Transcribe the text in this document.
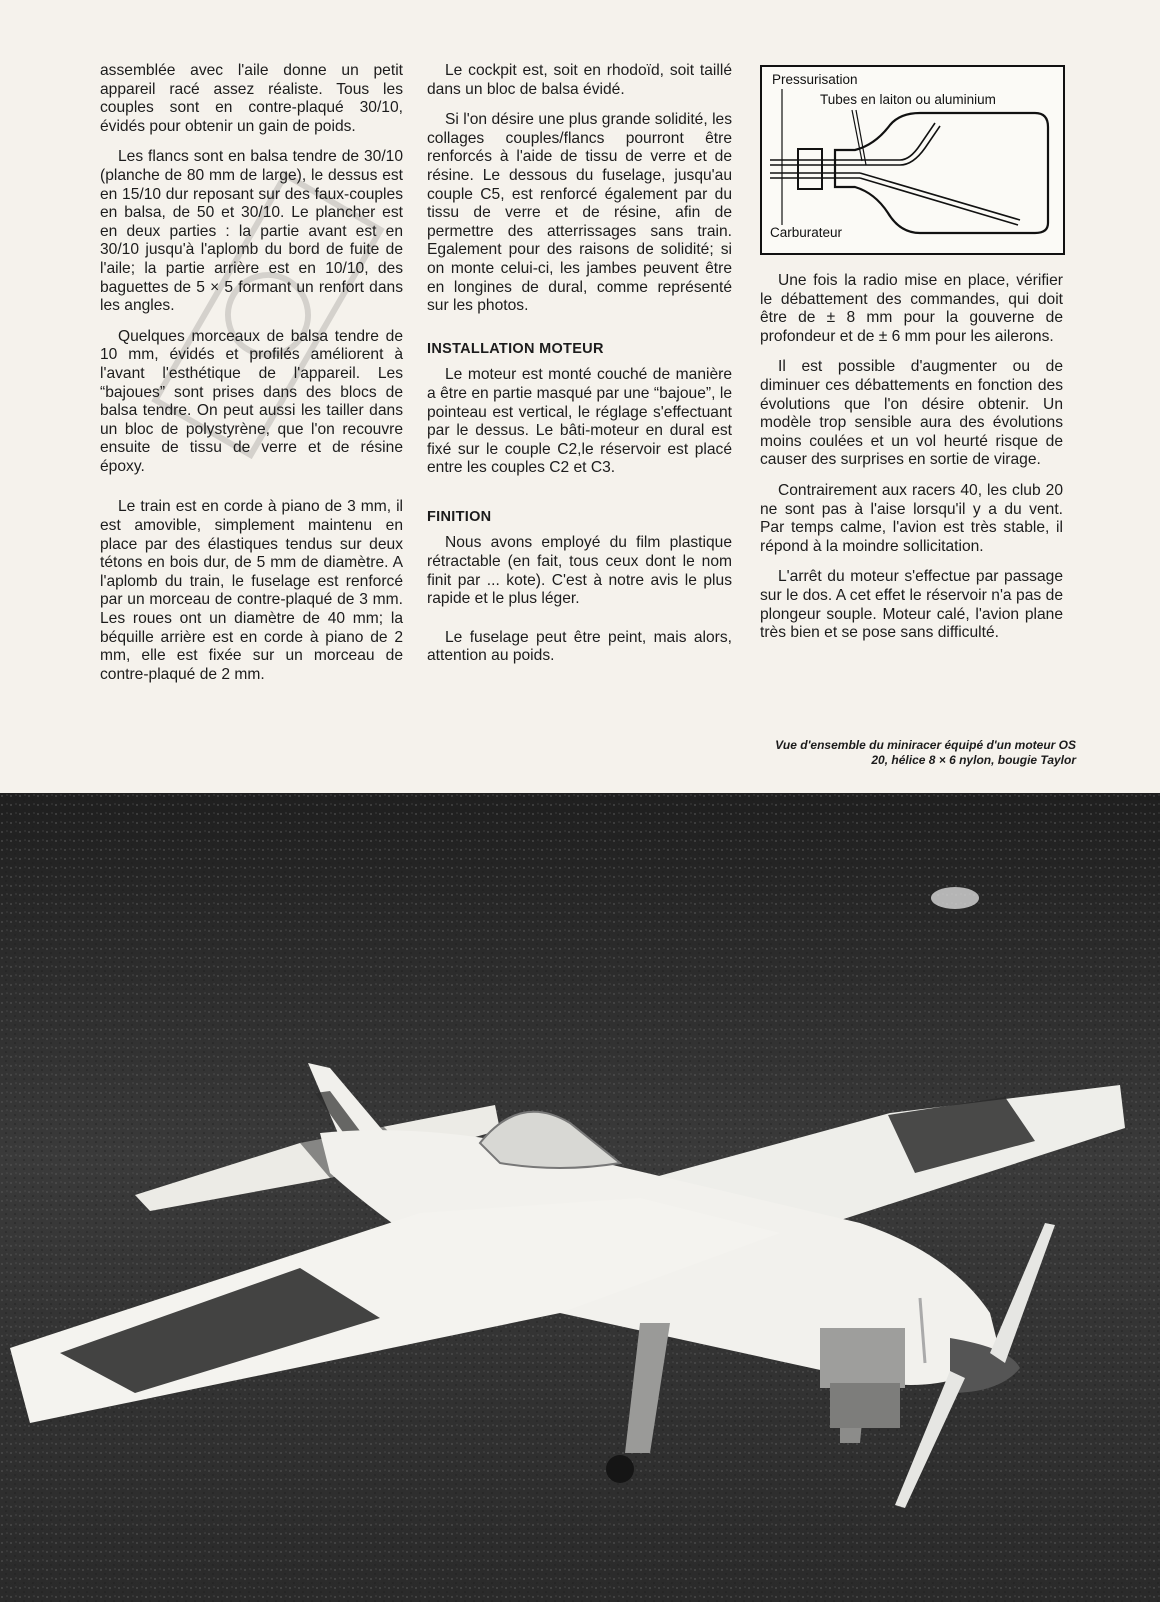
assemblée avec l'aile donne un petit appareil racé assez réaliste. Tous les couples sont en contre-plaqué 30/10, évidés pour obtenir un gain de poids.

Les flancs sont en balsa tendre de 30/10 (planche de 80 mm de large), le dessus est en 15/10 dur reposant sur des faux-couples en balsa, de 50 et 30/10. Le plancher est en deux parties : la partie avant est en 30/10 jusqu'à l'aplomb du bord de fuite de l'aile; la partie arrière est en 10/10, des baguettes de 5 × 5 formant un renfort dans les angles.

Quelques morceaux de balsa tendre de 10 mm, évidés et profilés améliorent à l'avant l'esthétique de l'appareil. Les “bajoues” sont prises dans des blocs de balsa tendre. On peut aussi les tailler dans un bloc de polystyrène, que l'on recouvre ensuite de tissu de verre et de résine époxy.

Le train est en corde à piano de 3 mm, il est amovible, simplement maintenu en place par des élastiques tendus sur deux tétons en bois dur, de 5 mm de diamètre. A l'aplomb du train, le fuselage est renforcé par un morceau de contre-plaqué de 3 mm. Les roues ont un diamètre de 40 mm; la béquille arrière est en corde à piano de 2 mm, elle est fixée sur un morceau de contre-plaqué de 2 mm.

Le cockpit est, soit en rhodoïd, soit taillé dans un bloc de balsa évidé.

Si l'on désire une plus grande solidité, les collages couples/flancs pourront être renforcés à l'aide de tissu de verre et de résine. Le dessous du fuselage, jusqu'au couple C5, est renforcé également par du tissu de verre et de résine, afin de permettre des atterrissages sans train. Egalement pour des raisons de solidité; si on monte celui-ci, les jambes peuvent être en longines de dural, comme représenté sur les photos.

INSTALLATION MOTEUR

Le moteur est monté couché de manière a être en partie masqué par une “bajoue”, le pointeau est vertical, le réglage s'effectuant par le dessus. Le bâti-moteur en dural est fixé sur le couple C2,le réservoir est placé entre les couples C2 et C3.

FINITION

Nous avons employé du film plastique rétractable (en fait, tous ceux dont le nom finit par ... kote). C'est à notre avis le plus rapide et le plus léger.

Le fuselage peut être peint, mais alors, attention au poids.

Pressurisation
Tubes en laiton ou aluminium
Carburateur

Une fois la radio mise en place, vérifier le débattement des commandes, qui doit être de ± 8 mm pour la gouverne de profondeur et de ± 6 mm pour les ailerons.

Il est possible d'augmenter ou de diminuer ces débattements en fonction des évolutions que l'on désire obtenir. Un modèle trop sensible aura des évolutions moins coulées et un vol heurté risque de causer des surprises en sortie de virage.

Contrairement aux racers 40, les club 20 ne sont pas à l'aise lorsqu'il y a du vent. Par temps calme, l'avion est très stable, il répond à la moindre sollicitation.

L'arrêt du moteur s'effectue par passage sur le dos. A cet effet le réservoir n'a pas de plongeur souple. Moteur calé, l'avion plane très bien et se pose sans difficulté.

Vue d'ensemble du miniracer équipé d'un moteur OS 20, hélice 8 × 6 nylon, bougie Taylor
